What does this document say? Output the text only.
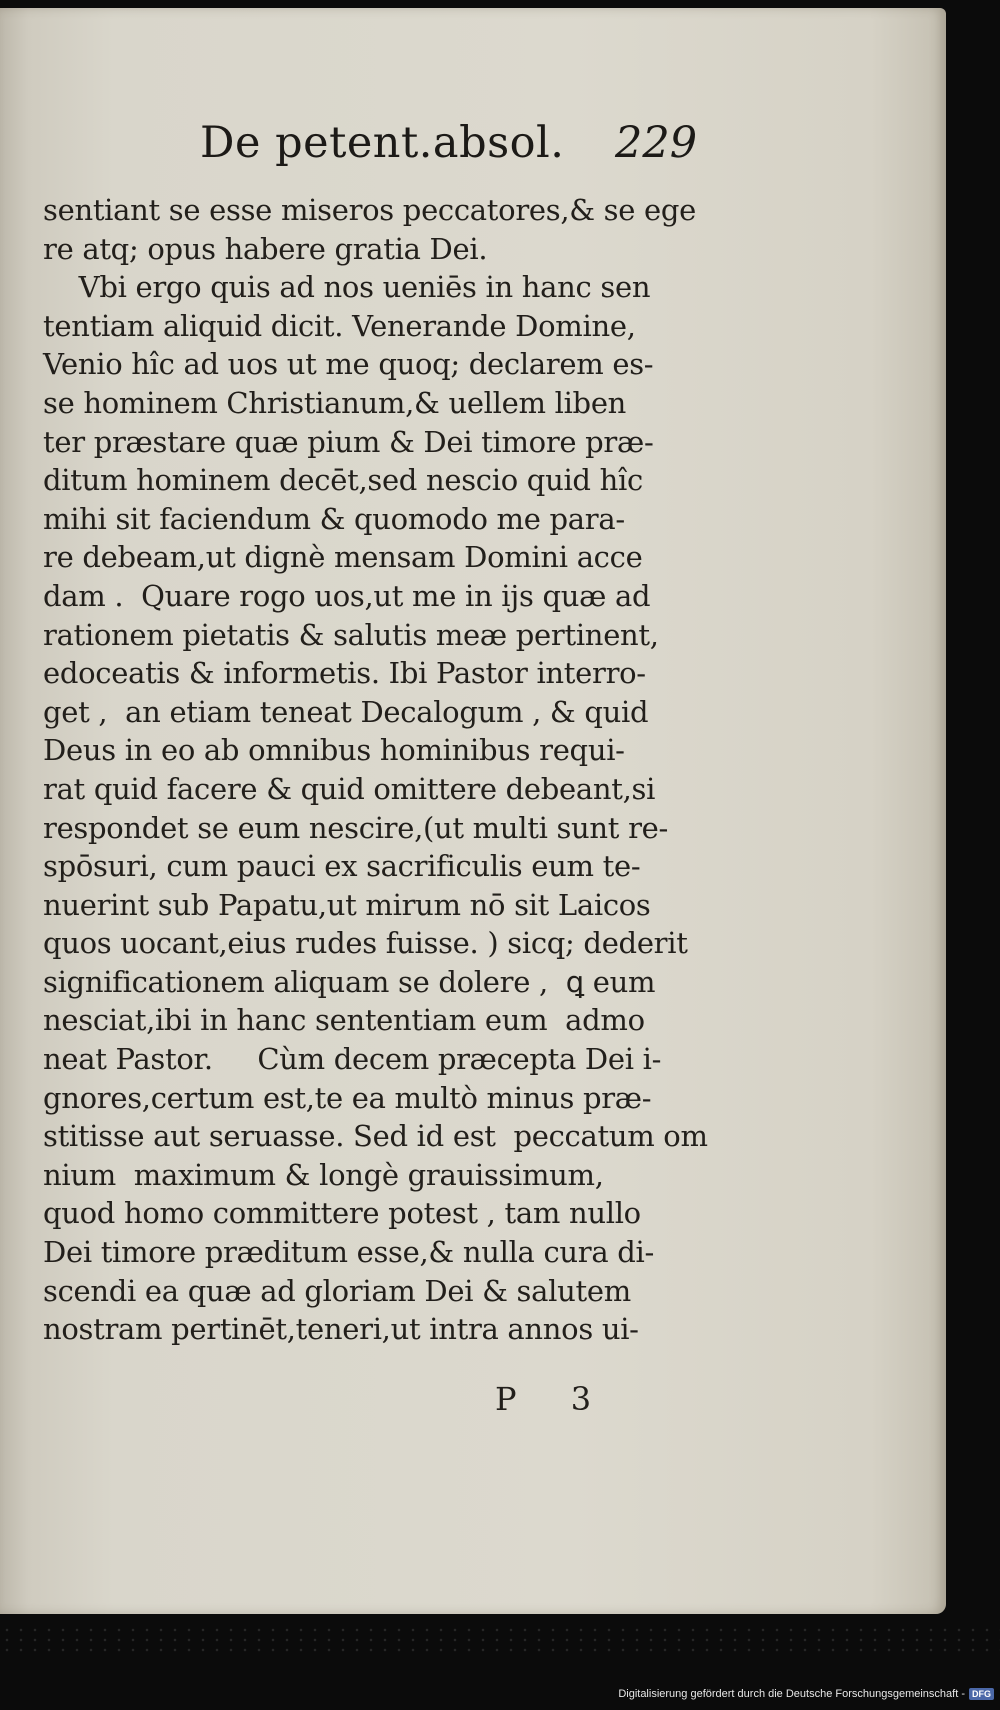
De petent.absol. 229
sentiant se esse miseros peccatores,& se ege
re atq; opus habere gratia Dei.
Vbi ergo quis ad nos ueniēs in hanc sen
tentiam aliquid dicit. Venerande Domine,
Venio hîc ad uos ut me quoq; declarem es-
se hominem Christianum,& uellem liben
ter præstare quæ pium & Dei timore præ-
ditum hominem decēt,sed nescio quid hîc
mihi sit faciendum & quomodo me para-
re debeam,ut dignè mensam Domini acce
dam .  Quare rogo uos,ut me in ijs quæ ad
rationem pietatis & salutis meæ pertinent,
edoceatis & informetis. Ibi Pastor interro-
get ,  an etiam teneat Decalogum , & quid
Deus in eo ab omnibus hominibus requi-
rat quid facere & quid omittere debeant,si
respondet se eum nescire,(ut multi sunt re-
spōsuri, cum pauci ex sacrificulis eum te-
nuerint sub Papatu,ut mirum nō sit Laicos
quos uocant,eius rudes fuisse. ) sicq; dederit
significationem aliquam se dolere ,  ꝗ eum
nesciat,ibi in hanc sententiam eum  admo
neat Pastor.     Cùm decem præcepta Dei i-
gnores,certum est,te ea multò minus præ-
stitisse aut seruasse. Sed id est  peccatum om
nium  maximum & longè grauissimum,
quod homo committere potest , tam nullo
Dei timore præditum esse,& nulla cura di-
scendi ea quæ ad gloriam Dei & salutem
nostram pertinēt,teneri,ut intra annos ui-
P 3
Digitalisierung gefördert durch die Deutsche Forschungsgemeinschaft - DFG
